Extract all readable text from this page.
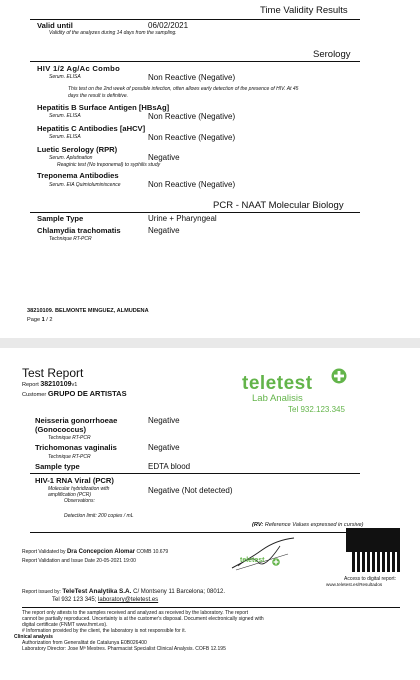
Time Validity Results
Valid until	06/02/2021
Validity of the analyzes during 14 days from the sampling.
Serology
HIV 1/2 Ag/Ac Combo
Serum. ELISA	Non Reactive (Negative)
This test on the 2nd week of possible infection, often allows early detection of the presence of HIV. At 45
days the result is definitive.
Hepatitis B Surface Antigen [HBsAg]
Serum. ELISA	Non Reactive (Negative)
Hepatitis C Antibodies [aHCV]
Serum. ELISA	Non Reactive (Negative)
Luetic Serology (RPR)
Serum. Aplutination	Negative
Reaginic test (No treponemal) to syphilis study
Treponema Antibodies
Serum. EIA Quimioluminiscence	Non Reactive (Negative)
PCR - NAAT Molecular Biology
Sample Type	Urine + Pharyngeal
Chlamydia trachomatis	Negative
Technique RT-PCR
38210109. BELMONTE MINGUEZ, ALMUDENA
Page 1 / 2
Test Report
Report 38210109v1
Customer GRUPO DE ARTISTAS	teletest
Lab Analisis
Tel 932.123.345
Neisseria gonorrhoeae
(Gonococcus)
Technique RT-PCR
Negative
Trichomonas vaginalis
Technique RT-PCR
Negative
Sample type	EDTA blood
HIV-1 RNA Viral (PCR)
Molecular hybridization with
amplification (PCR)
Observations:
Negative (Not detected)
Detection limit: 200 copies / mL
(RV: Reference Values expressed in cursive)
Report Validated by Dra Concepcion Alomar COMB 10.679
Report Validation and Issue Date 20-05-2021 19:00	teletest
Access to digital report:
www.teletest.es/Resultados
Report issued by: TeleTest Analytika S.A. C/ Montseny 11 Barcelona; 08012.
Tel 932 123 345; laboratory@teletest.es
The report only attests to the samples received and analyzed as received by the laboratory. The report
cannot be partially reproduced. Uncertainty is at the customer's disposal. Document electronically signed with
digital certificate (FNMT www.fnmt.es).
# Information provided by the client, the laboratory is not responsible for it.
Clinical analysis
Authorization from Generalitat de Catalunya E0B026400
Laboratory Director: Jose Mª Mestres. Pharmacist Specialist Clinical Analysis. COFB 12.195
